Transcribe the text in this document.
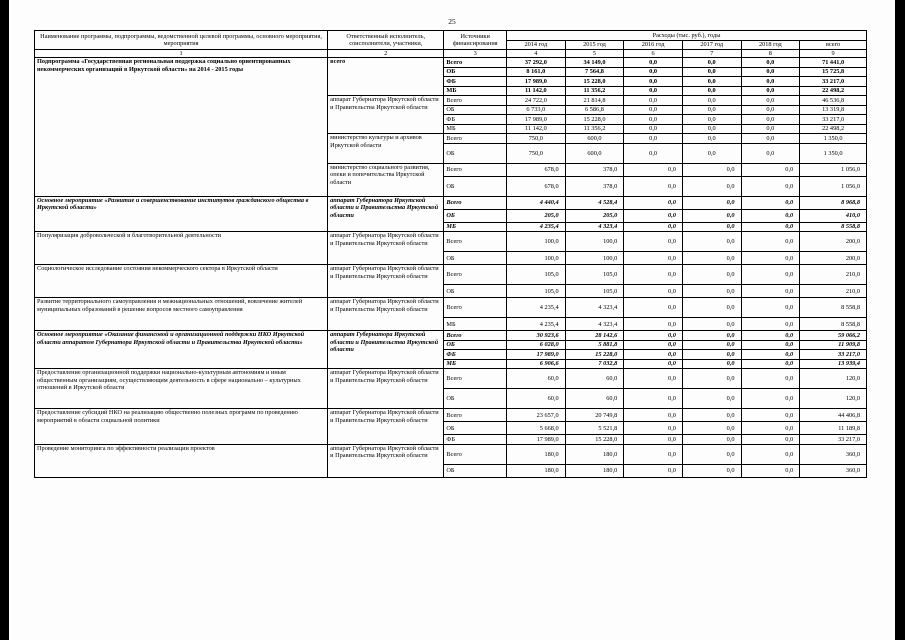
25
Наименование программы, подпрограммы, ведомственной целевой программы, основного мероприятия, мероприятия	Ответственный исполнитель, соисполнители, участники,	Источники финансирования	Расходы (тыс. руб.), годы					
			2014 год	2015 год	2016 год	2017 год	2018 год	всего
1	2	3	4	5	6	7	8	9
Подпрограмма «Государственная региональная поддержка социально ориентированных некоммерческих организаций в Иркутской области» на 2014 - 2015 годы	всего	Всего	37 292,0	34 149,0	0,0	0,0	0,0	71 441,0
		ОБ	8 161,0	7 564,8	0,0	0,0	0,0	15 725,8
		ФБ	17 989,0	15 228,0	0,0	0,0	0,0	33 217,0
		МБ	11 142,0	11 356,2	0,0	0,0	0,0	22 498,2
	аппарат Губернатора Иркутской области и Правительства Иркутской области	Всего	24 722,0	21 814,8	0,0	0,0	0,0	46 536,8
		ОБ	6 733,0	6 586,8	0,0	0,0	0,0	13 319,8
		ФБ	17 989,0	15 228,0	0,0	0,0	0,0	33 217,0
		МБ	11 142,0	11 356,2	0,0	0,0	0,0	22 498,2
	министерство культуры и архивов Иркутской области	Всего	750,0	600,0	0,0	0,0	0,0	1 350,0
		ОБ	750,0	600,0	0,0	0,0	0,0	1 350,0
	министерство социального развития, опеки и попечительства Иркутской области	Всего	678,0	378,0	0,0	0,0	0,0	1 056,0
		ОБ	678,0	378,0	0,0	0,0	0,0	1 056,0
Основное мероприятие «Развитие и совершенствование институтов гражданского общества в Иркутской области»	аппарат Губернатора Иркутской области и Правительства Иркутской области	Всего	4 440,4	4 528,4	0,0	0,0	0,0	8 968,8
		ОБ	205,0	205,0	0,0	0,0	0,0	410,0
		МБ	4 235,4	4 323,4	0,0	0,0	0,0	8 558,8
Популяризация добровольческой и благотворительной деятельности	аппарат Губернатора Иркутской области и Правительства Иркутской области	Всего	100,0	100,0	0,0	0,0	0,0	200,0
		ОБ	100,0	100,0	0,0	0,0	0,0	200,0
Социологическое исследование состояния некоммерческого сектора в Иркутской области	аппарат Губернатора Иркутской области и Правительства Иркутской области	Всего	105,0	105,0	0,0	0,0	0,0	210,0
		ОБ	105,0	105,0	0,0	0,0	0,0	210,0
Развитие территориального самоуправления и межнациональных отношений, вовлечение жителей муниципальных образований в решение вопросов местного самоуправления	аппарат Губернатора Иркутской области и Правительства Иркутской области	Всего	4 235,4	4 323,4	0,0	0,0	0,0	8 558,8
		МБ	4 235,4	4 323,4	0,0	0,0	0,0	8 558,8
Основное мероприятие «Оказание финансовой и организационной поддержки НКО Иркутской области аппаратом Губернатора Иркутской области и Правительства Иркутской области»	аппарат Губернатора Иркутской области и Правительства Иркутской области	Всего	30 923,6	28 142,6	0,0	0,0	0,0	59 066,2
		ОБ	6 028,0	5 881,8	0,0	0,0	0,0	11 909,8
		ФБ	17 989,0	15 228,0	0,0	0,0	0,0	33 217,0
		МБ	6 906,6	7 032,8	0,0	0,0	0,0	13 939,4
Предоставление организационной поддержки национально-культурным автономиям и иным общественным организациям, осуществляющим деятельность в сфере национально – культурных отношений в Иркутской области	аппарат Губернатора Иркутской области и Правительства Иркутской области	Всего	60,0	60,0	0,0	0,0	0,0	120,0
		ОБ	60,0	60,0	0,0	0,0	0,0	120,0
Предоставление субсидий НКО на реализацию общественно полезных программ по проведению мероприятий в области социальной политики	аппарат Губернатора Иркутской области и Правительства Иркутской области	Всего	23 657,0	20 749,8	0,0	0,0	0,0	44 406,8
		ОБ	5 668,0	5 521,8	0,0	0,0	0,0	11 189,8
		ФБ	17 989,0	15 228,0	0,0	0,0	0,0	33 217,0
Проведение мониторинга по эффективности реализации проектов	аппарат Губернатора Иркутской области и Правительства Иркутской области	Всего	180,0	180,0	0,0	0,0	0,0	360,0
		ОБ	180,0	180,0	0,0	0,0	0,0	360,0
